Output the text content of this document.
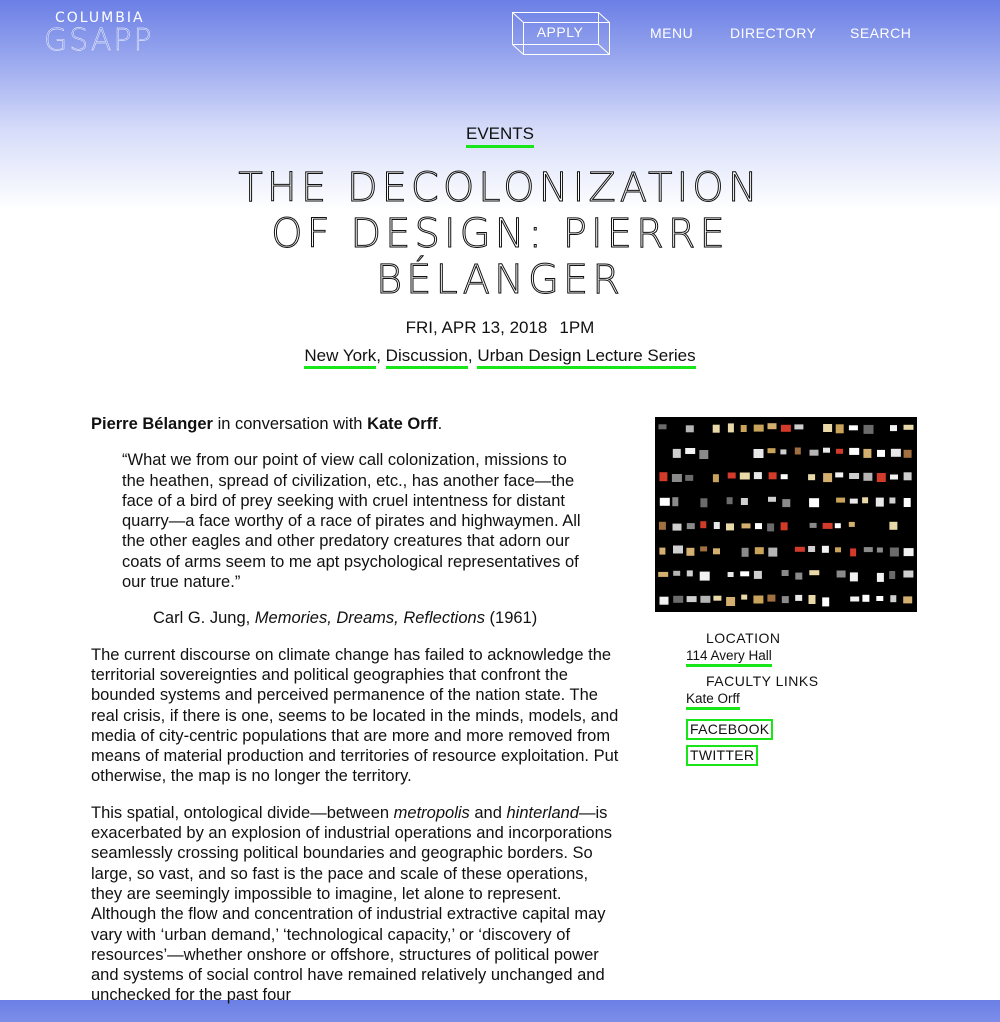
COLUMBIA
GSAPP	APPLY	MENU	DIRECTORY SEARCH
EVENTS
THE DECOLONIZATION OF DESIGN: PIERRE BÉLANGER
FRI, APR 13, 2018 1PM
New York, Discussion, Urban Design Lecture Series

Pierre Bélanger in conversation with Kate Orff.

“What we from our point of view call colonization, missions to the heathen, spread of civilization, etc., has another face—the face of a bird of prey seeking with cruel intentness for distant quarry—a face worthy of a race of pirates and highwaymen. All the other eagles and other predatory creatures that adorn our coats of arms seem to me apt psychological representatives of our true nature.”

Carl G. Jung, Memories, Dreams, Reflections (1961)

The current discourse on climate change has failed to acknowledge the territorial sovereignties and political geographies that confront the bounded systems and perceived permanence of the nation state. The real crisis, if there is one, seems to be located in the minds, models, and media of city-centric populations that are more and more removed from means of material production and territories of resource exploitation. Put otherwise, the map is no longer the territory.

This spatial, ontological divide—between metropolis and hinterland—is exacerbated by an explosion of industrial operations and incorporations seamlessly crossing political boundaries and geographic borders. So large, so vast, and so fast is the pace and scale of these operations, they are seemingly impossible to imagine, let alone to represent. Although the flow and concentration of industrial extractive capital may vary with ‘urban demand,’ ‘technological capacity,’ or ‘discovery of resources’—whether onshore or offshore, structures of political power and systems of social control have remained relatively unchanged and unchecked for the past four

LOCATION
114 Avery Hall
FACULTY LINKS
Kate Orff
FACEBOOK
TWITTER
